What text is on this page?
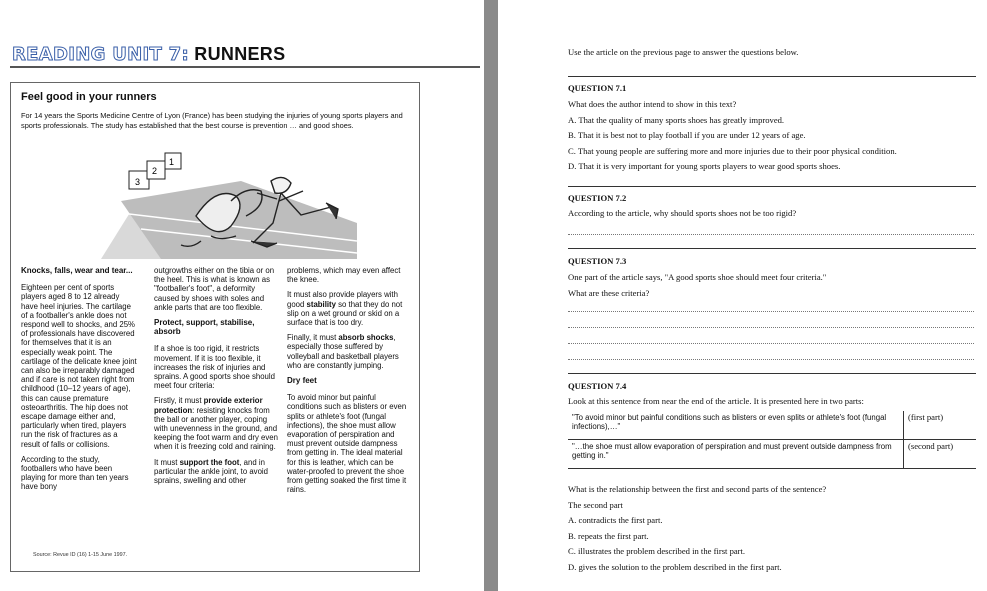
READING UNIT 7: RUNNERS
Feel good in your runners
For 14 years the Sports Medicine Centre of Lyon (France) has been studying the injuries of young sports players and sports professionals. The study has established that the best course is prevention … and good shoes.
3
2
1

Knocks, falls, wear and tear...

Eighteen per cent of sports players aged 8 to 12 already have heel injuries. The cartilage of a footballer's ankle does not respond well to shocks, and 25% of professionals have discovered for themselves that it is an especially weak point. The cartilage of the delicate knee joint can also be irreparably damaged and if care is not taken right from childhood (10–12 years of age), this can cause premature osteoarthritis. The hip does not escape damage either and, particularly when tired, players run the risk of fractures as a result of falls or collisions.

According to the study, footballers who have been playing for more than ten years have bony

outgrowths either on the tibia or on the heel. This is what is known as "footballer's foot", a deformity caused by shoes with soles and ankle parts that are too flexible.

Protect, support, stabilise, absorb

If a shoe is too rigid, it restricts movement. If it is too flexible, it increases the risk of injuries and sprains. A good sports shoe should meet four criteria:

Firstly, it must provide exterior protection: resisting knocks from the ball or another player, coping with unevenness in the ground, and keeping the foot warm and dry even when it is freezing cold and raining.

It must support the foot, and in particular the ankle joint, to avoid sprains, swelling and other

problems, which may even affect the knee.

It must also provide players with good stability so that they do not slip on a wet ground or skid on a surface that is too dry.

Finally, it must absorb shocks, especially those suffered by volleyball and basketball players who are constantly jumping.

Dry feet

To avoid minor but painful conditions such as blisters or even splits or athlete's foot (fungal infections), the shoe must allow evaporation of perspiration and must prevent outside dampness from getting in. The ideal material for this is leather, which can be water-proofed to prevent the shoe from getting soaked the first time it rains.

Source: Revue ID (16) 1-15 June 1997.
Use the article on the previous page to answer the questions below.
QUESTION 7.1
What does the author intend to show in this text?
A. That the quality of many sports shoes has greatly improved.
B. That it is best not to play football if you are under 12 years of age.
C. That young people are suffering more and more injuries due to their poor physical condition.
D. That it is very important for young sports players to wear good sports shoes.
QUESTION 7.2
According to the article, why should sports shoes not be too rigid?
QUESTION 7.3
One part of the article says, "A good sports shoe should meet four criteria."
What are these criteria?
QUESTION 7.4
Look at this sentence from near the end of the article. It is presented here in two parts:
"To avoid minor but painful conditions such as blisters or even splits or athlete's foot (fungal infections),…"	(first part)
"…the shoe must allow evaporation of perspiration and must prevent outside dampness from getting in."	(second part)
What is the relationship between the first and second parts of the sentence?
The second part
A. contradicts the first part.
B. repeats the first part.
C. illustrates the problem described in the first part.
D. gives the solution to the problem described in the first part.
